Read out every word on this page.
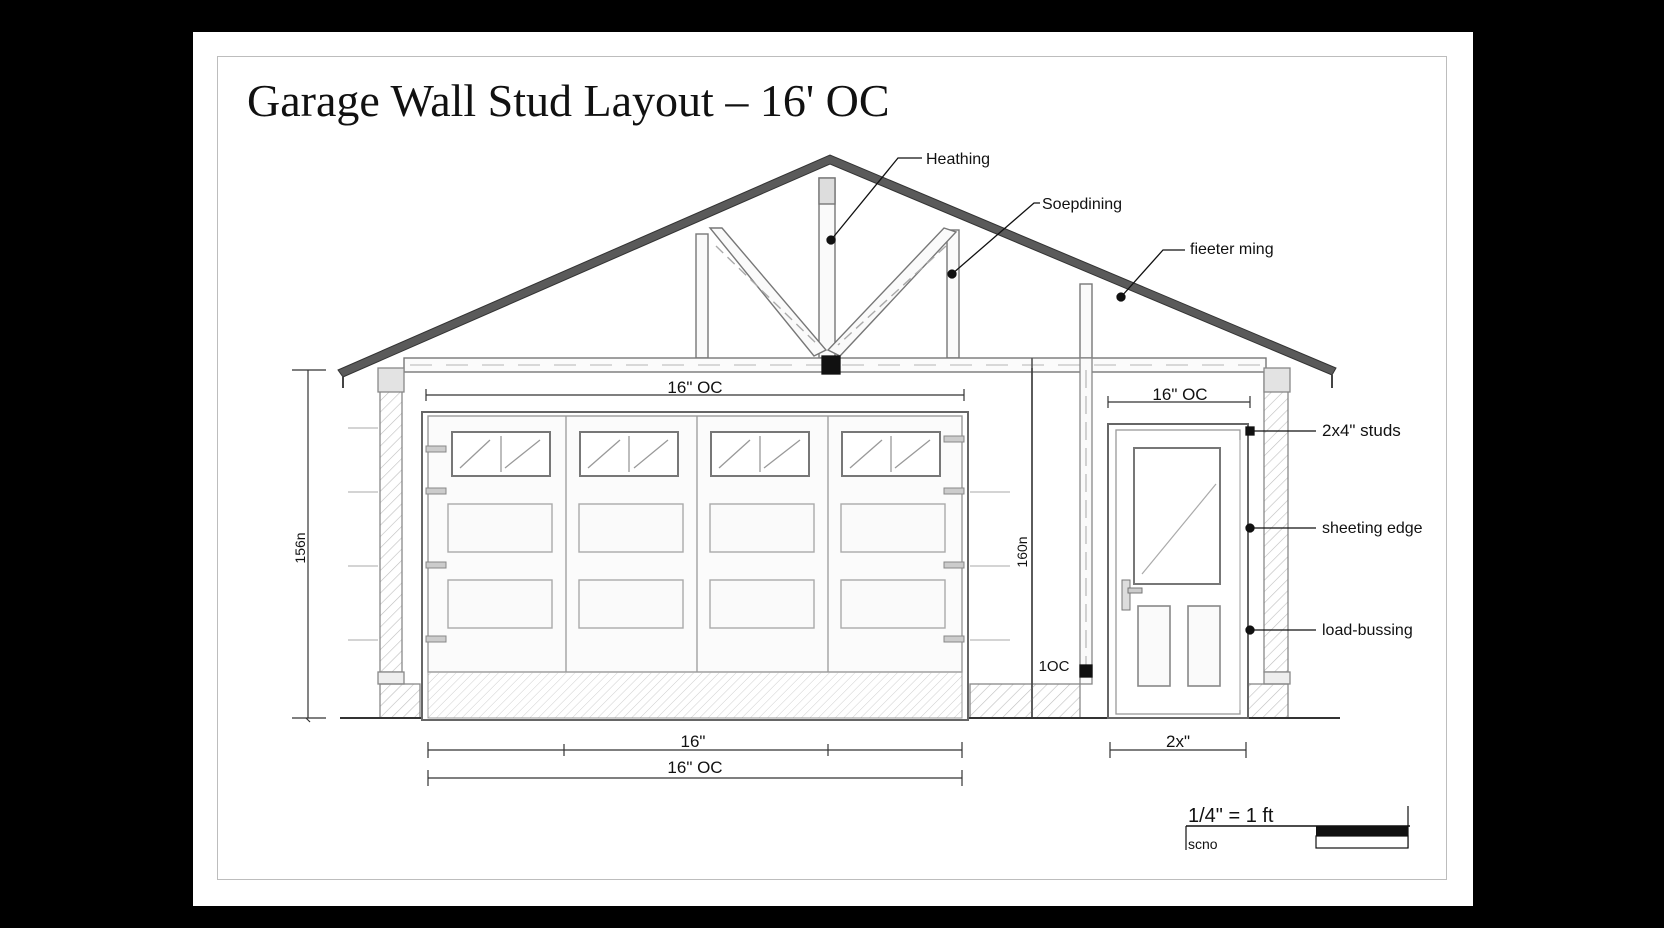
Garage Wall Stud Layout – 16' OC
Heathing
Soepdining
fieeter ming
2x4" studs
sheeting edge
load-bussing
16" OC	16" OC
16"
16" OC
2x"
1OC
156n	160n
1/4" = 1 ft
scno
